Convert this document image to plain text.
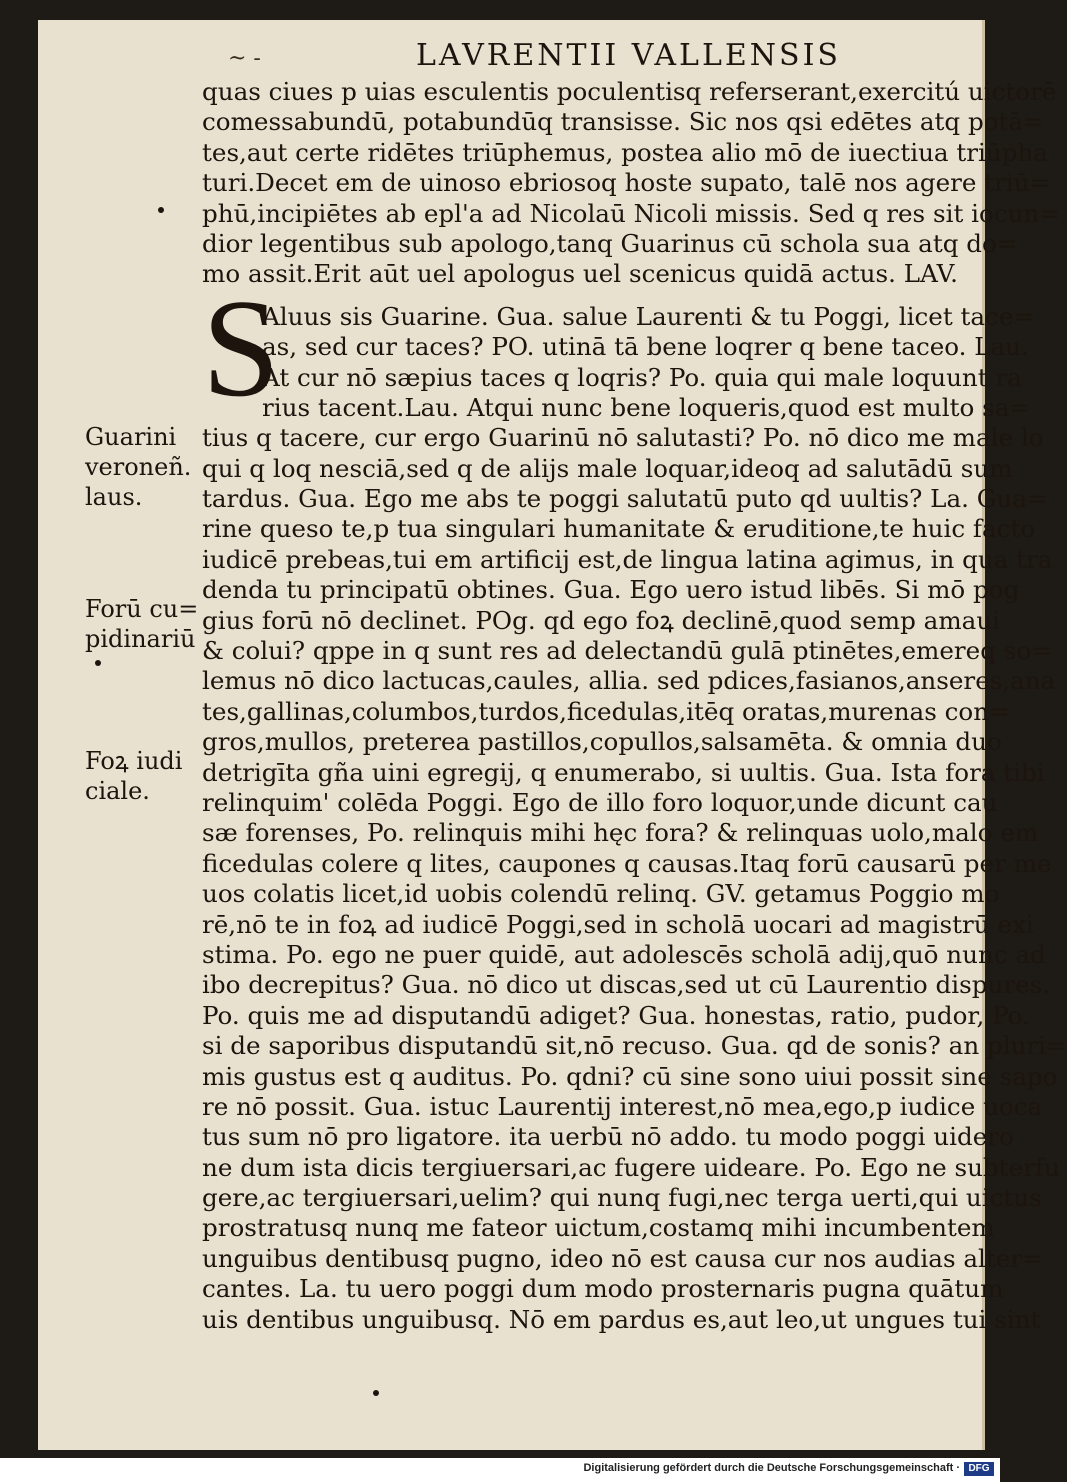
~ -	LAVRENTII VALLENSIS
S
quas ciues p uias esculentis poculentisq referserant,exercitú uictorē
comessabundū, potabundūq transisse. Sic nos qsi edētes atq potā=
tes,aut certe ridētes triūphemus, postea alio mō de iuectiua triūpha
turi.Decet em de uinoso ebriosoq hoste supato, talē nos agere triū=
phū,incipiētes ab epl'a ad Nicolaū Nicoli missis. Sed q res sit iocun=
dior legentibus sub apologo,tanq Guarinus cū schola sua atq do=
mo assit.Erit aūt uel apologus uel scenicus quidā actus. LAV.
Aluus sis Guarine. Gua. salue Laurenti & tu Poggi, licet tace=
as, sed cur taces? PO. utinā tā bene loqrer q bene taceo. Lau.
At cur nō sæpius taces q loqris? Po. quia qui male loquunt ra
rius tacent.Lau. Atqui nunc bene loqueris,quod est multo sa=
tius q tacere, cur ergo Guarinū nō salutasti? Po. nō dico me male lo
qui q loq nesciā,sed q de alijs male loquar,ideoq ad salutādū sum
tardus. Gua. Ego me abs te poggi salutatū puto qd uultis? La. Gua=
rine queso te,p tua singulari humanitate & eruditione,te huic facto
iudicē prebeas,tui em artificij est,de lingua latina agimus, in qua tra
denda tu principatū obtines. Gua. Ego uero istud libēs. Si mō pog
gius forū nō declinet. POg. qd ego foꝝ declinē,quod semp amaui
& colui? qppe in q sunt res ad delectandū gulā ptinētes,emereq so=
lemus nō dico lactucas,caules, allia. sed pdices,fasianos,anseres,ana
tes,gallinas,columbos,turdos,ficedulas,itēq oratas,murenas con=
gros,mullos, preterea pastillos,copullos,salsamēta. & omnia duo
detrigīta gña uini egregij, q enumerabo, si uultis. Gua. Ista fora tibi
relinquim' colēda Poggi. Ego de illo foro loquor,unde dicunt cau
sæ forenses, Po. relinquis mihi hęc fora? & relinquas uolo,malo em
ficedulas colere q lites, caupones q causas.Itaq forū causarū per me
uos colatis licet,id uobis colendū relinq. GV. getamus Poggio mo
rē,nō te in foꝝ ad iudicē Poggi,sed in scholā uocari ad magistrū exi
stima. Po. ego ne puer quidē, aut adolescēs scholā adij,quō nunc ad
ibo decrepitus? Gua. nō dico ut discas,sed ut cū Laurentio dispures.
Po. quis me ad disputandū adiget? Gua. honestas, ratio, pudor, Po.
si de saporibus disputandū sit,nō recuso. Gua. qd de sonis? an pluri=
mis gustus est q auditus. Po. qdni? cū sine sono uiui possit sine sapo
re nō possit. Gua. istuc Laurentij interest,nō mea,ego,p iudice uoca
tus sum nō pro ligatore. ita uerbū nō addo. tu modo poggi uidero
ne dum ista dicis tergiuersari,ac fugere uideare. Po. Ego ne subterfu
gere,ac tergiuersari,uelim? qui nunq fugi,nec terga uerti,qui uictus
prostratusq nunq me fateor uictum,costamq mihi incumbentem
unguibus dentibusq pugno, ideo nō est causa cur nos audias alter=
cantes. La. tu uero poggi dum modo prosternaris pugna quātum
uis dentibus unguibusq. Nō em pardus es,aut leo,ut ungues tui sint
Guarini
veroneñ.
laus.
Forū cu=
pidinariū
Foꝝ iudi
ciale.
Digitalisierung gefördert durch die Deutsche Forschungsgemeinschaft · DFG
